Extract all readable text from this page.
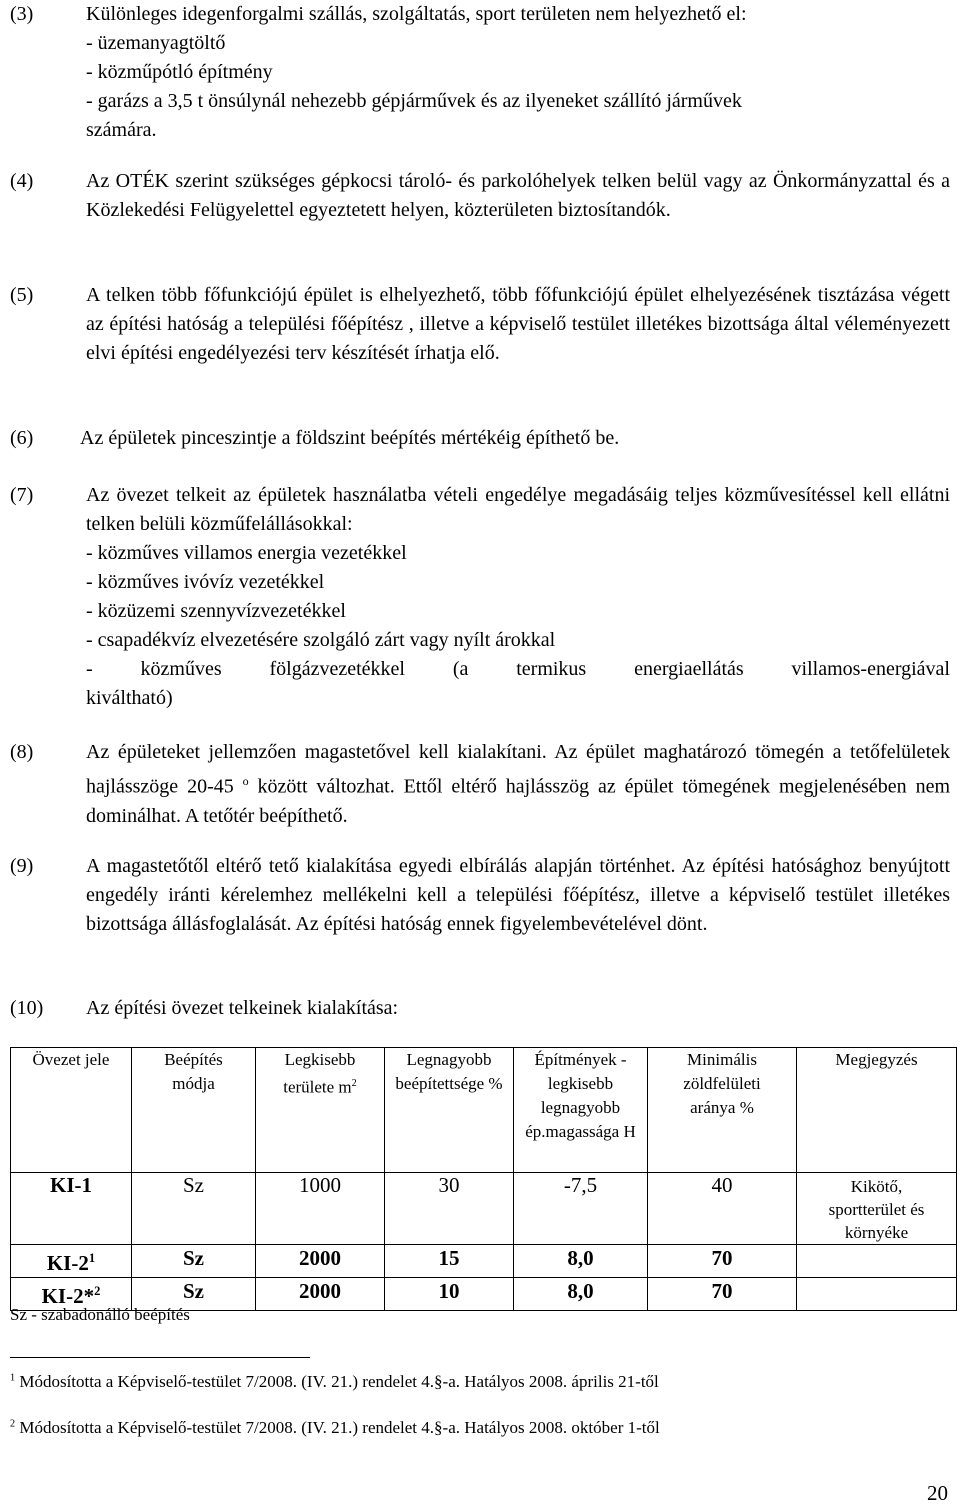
(3)	Különleges idegenforgalmi szállás, szolgáltatás, sport területen nem helyezhető el:
- üzemanyagtöltő
- közműpótló építmény
- garázs a 3,5 t önsúlynál nehezebb gépjárművek és az ilyeneket szállító járművek
számára.
(4)	Az OTÉK szerint szükséges gépkocsi tároló- és parkolóhelyek telken belül vagy az Önkormányzattal és a Közlekedési Felügyelettel egyeztetett helyen, közterületen biztosítandók.
(5)	A telken több főfunkciójú épület is elhelyezhető, több főfunkciójú épület elhelyezésének tisztázása végett az építési hatóság a települési főépítész , illetve a képviselő testület illetékes bizottsága által véleményezett elvi építési engedélyezési terv készítését írhatja elő.
(6) Az épületek pinceszintje a földszint beépítés mértékéig építhető be.
(7)	Az övezet telkeit az épületek használatba vételi engedélye megadásáig teljes közművesítéssel kell ellátni telken belüli közműfelállásokkal:
- közműves villamos energia vezetékkel
- közműves ivóvíz vezetékkel
- közüzemi szennyvízvezetékkel
- csapadékvíz elvezetésére szolgáló zárt vagy nyílt árokkal
- közműves fölgázvezetékkel (a termikus energiaellátás villamos-energiával
kiváltható)
(8)	Az épületeket jellemzően magastetővel kell kialakítani. Az épület maghatározó tömegén a tetőfelületek hajlásszöge 20-45 $^o$ között változhat. Ettől eltérő hajlásszög az épület tömegének megjelenésében nem dominálhat. A tetőtér beépíthető.
(9)	A magastetőtől eltérő tető kialakítása egyedi elbírálás alapján történhet. Az építési hatósághoz benyújtott engedély iránti kérelemhez mellékelni kell a települési főépítész, illetve a képviselő testület illetékes bizottsága állásfoglalását. Az építési hatóság ennek figyelembevételével dönt.
(10) Az építési övezet telkeinek kialakítása:
Övezet jele	Beépítés módja	Legkisebb területe $m^2$	Legnagyobb beépítettsége %	Építmények - legkisebb legnagyobb ép.magassága H	Minimális zöldfelületi aránya %	Megjegyzés
KI-1	Sz	1000	30	-7,5	40	Kikötő, sportterület és környéke
$KI-2^1$	Sz	2000	15	8,0	70	
KI-2*$^2$	Sz	2000	10	8,0	70	
Sz - szabadonálló beépítés
$^1$ Módosította a Képviselő-testület 7/2008. (IV. 21.) rendelet 4.§-a. Hatályos 2008. április 21-től
$^2$ Módosította a Képviselő-testület 7/2008. (IV. 21.) rendelet 4.§-a. Hatályos 2008. október 1-től
20
